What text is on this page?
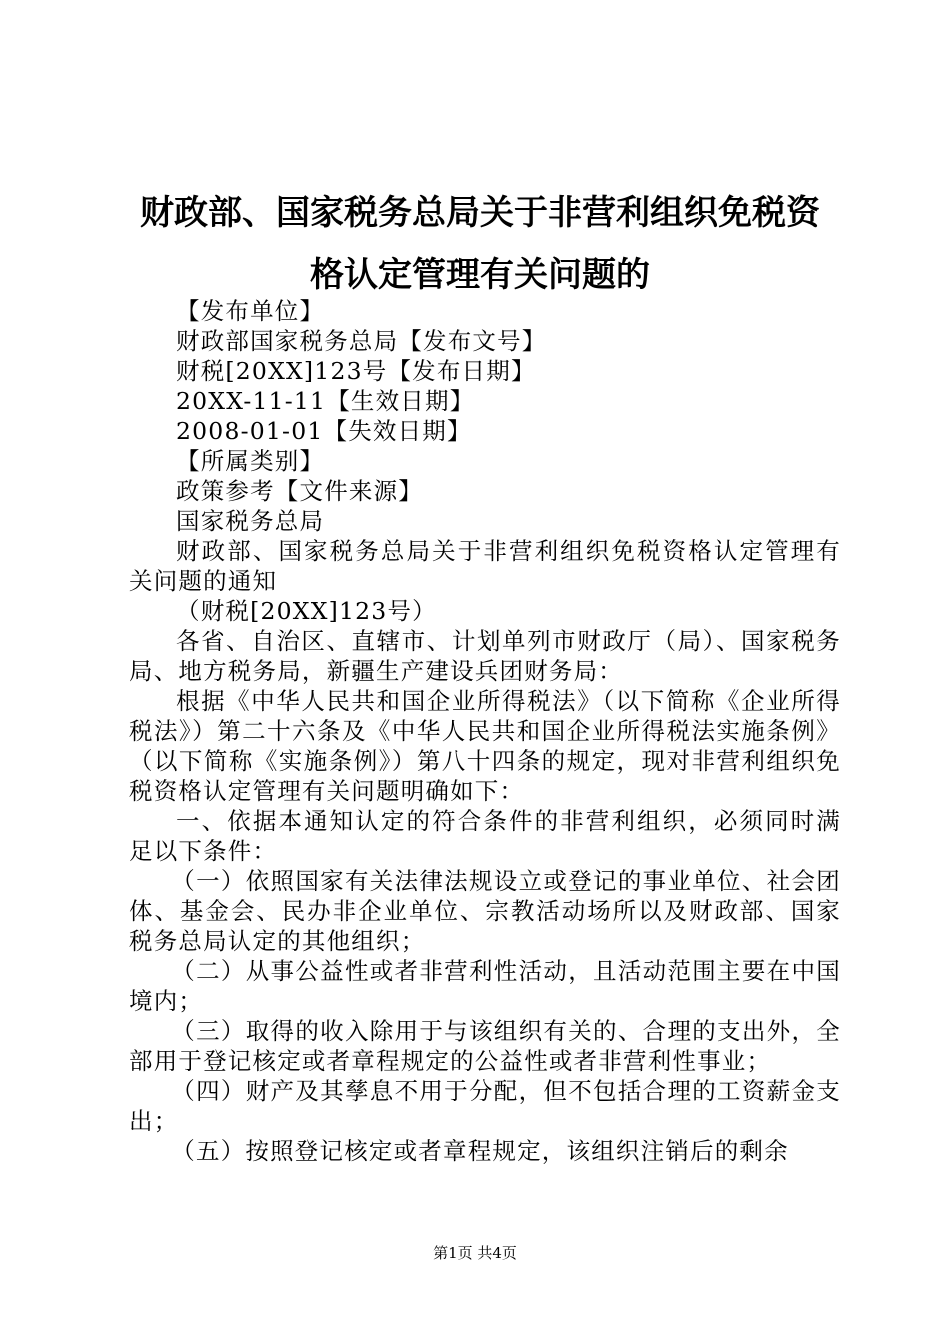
财政部、国家税务总局关于非营利组织免税资
格认定管理有关问题的

【发布单位】

财政部国家税务总局【发布文号】

财税[20XX]123号【发布日期】

20XX-11-11【生效日期】

2008-01-01【失效日期】

【所属类别】

政策参考【文件来源】

国家税务总局

财政部、国家税务总局关于非营利组织免税资格认定管理有关问题的通知

（财税[20XX]123号）

各省、自治区、直辖市、计划单列市财政厅（局）、国家税务局、地方税务局，新疆生产建设兵团财务局：

根据《中华人民共和国企业所得税法》（以下简称《企业所得税法》）第二十六条及《中华人民共和国企业所得税法实施条例》（以下简称《实施条例》）第八十四条的规定，现对非营利组织免税资格认定管理有关问题明确如下：

一、依据本通知认定的符合条件的非营利组织，必须同时满足以下条件：

（一）依照国家有关法律法规设立或登记的事业单位、社会团体、基金会、民办非企业单位、宗教活动场所以及财政部、国家税务总局认定的其他组织；

（二）从事公益性或者非营利性活动，且活动范围主要在中国境内；

（三）取得的收入除用于与该组织有关的、合理的支出外，全部用于登记核定或者章程规定的公益性或者非营利性事业；

（四）财产及其孳息不用于分配，但不包括合理的工资薪金支出；

（五）按照登记核定或者章程规定，该组织注销后的剩余

第1页 共4页
